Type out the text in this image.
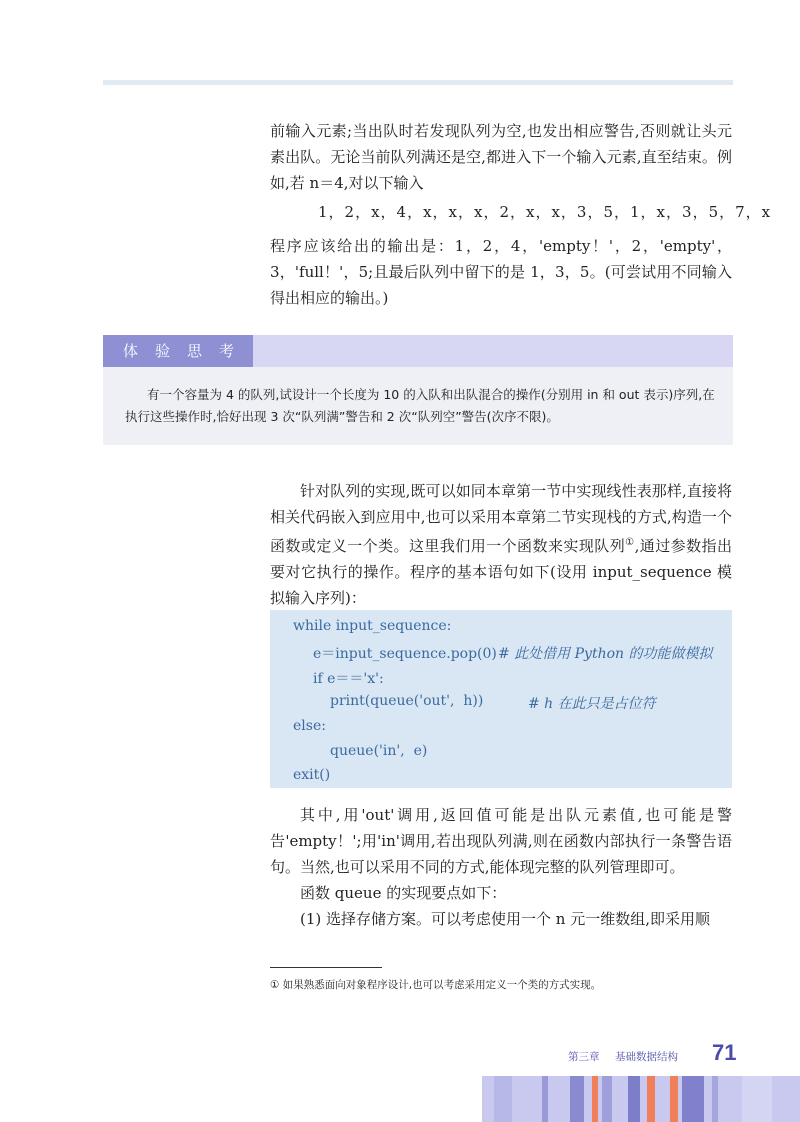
前输入元素;当出队时若发现队列为空,也发出相应警告,否则就让头元素出队。无论当前队列满还是空,都进入下一个输入元素,直至结束。例如,若 n＝4,对以下输入

1，2，x，4，x，x，x，2，x，x，3，5，1，x，3，5，7，x

程序应该给出的输出是：1，2，4，'empty！'，2，'empty'，3，'full！'，5;且最后队列中留下的是 1，3，5。(可尝试用不同输入得出相应的输出。)

体验思考
有一个容量为 4 的队列,试设计一个长度为 10 的入队和出队混合的操作(分别用 in 和 out 表示)序列,在执行这些操作时,恰好出现 3 次“队列满”警告和 2 次“队列空”警告(次序不限)。

针对队列的实现,既可以如同本章第一节中实现线性表那样,直接将相关代码嵌入到应用中,也可以采用本章第二节实现栈的方式,构造一个函数或定义一个类。这里我们用一个函数来实现队列①,通过参数指出要对它执行的操作。程序的基本语句如下(设用 input_sequence 模拟输入序列)：

while input_sequence:
e＝input_sequence.pop(0) # 此处借用 Python 的功能做模拟
if e＝＝'x':
print(queue('out',  h))	# h 在此只是占位符
else:
queue('in',  e)
exit()

其中,用'out'调用,返回值可能是出队元素值,也可能是警告'empty！';用'in'调用,若出现队列满,则在函数内部执行一条警告语句。当然,也可以采用不同的方式,能体现完整的队列管理即可。

函数 queue 的实现要点如下：

(1) 选择存储方案。可以考虑使用一个 n 元一维数组,即采用顺

① 如果熟悉面向对象程序设计,也可以考虑采用定义一个类的方式实现。
第三章 基础数据结构 71
